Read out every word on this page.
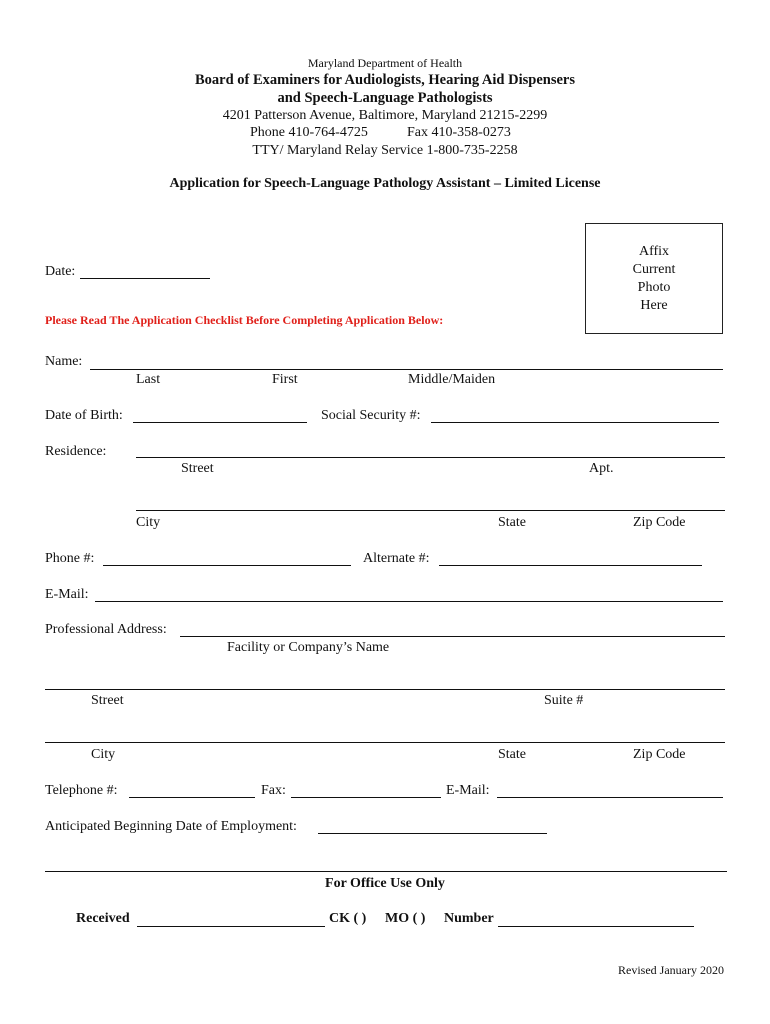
Maryland Department of Health
Board of Examiners for Audiologists, Hearing Aid Dispensers
and Speech-Language Pathologists
4201 Patterson Avenue, Baltimore, Maryland 21215-2299
Phone 410-764-4725	Fax 410-358-0273
TTY/ Maryland Relay Service 1-800-735-2258
Application for Speech-Language Pathology Assistant – Limited License
Affix
Current
Photo
Here
Date:
Please Read The Application Checklist Before Completing Application Below:
Name:
Last	First	Middle/Maiden
Date of Birth:	Social Security #:
Residence:
Street	Apt.
City	State	Zip Code
Phone #:	Alternate #:
E-Mail:
Professional Address:
Facility or Company’s Name
Street	Suite #
City	State	Zip Code
Telephone #:	Fax:	E-Mail:
Anticipated Beginning Date of Employment:
For Office Use Only
Received	CK ( ) MO ( ) Number
Revised January 2020
